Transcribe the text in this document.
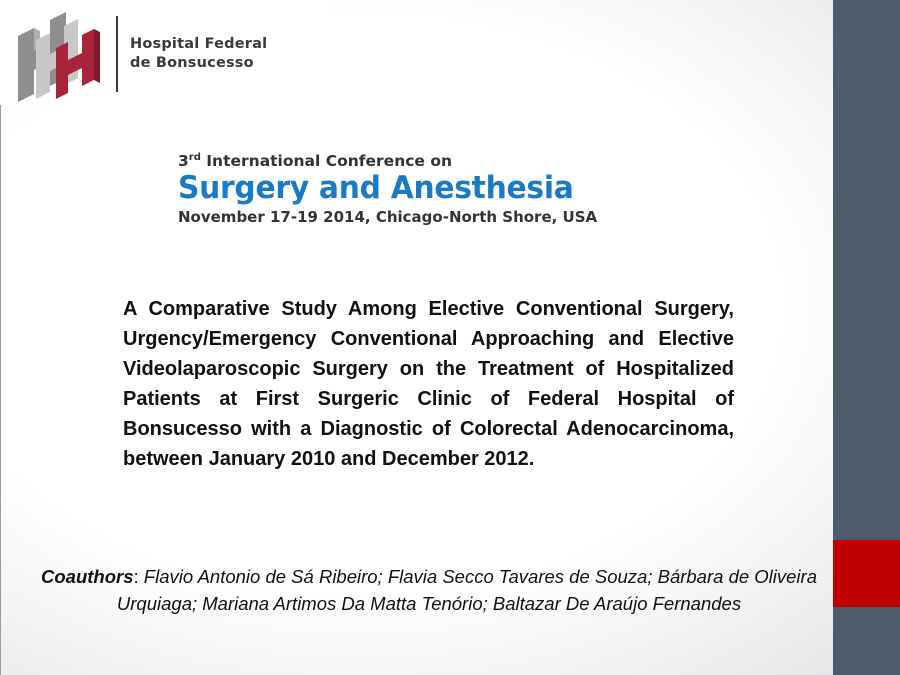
Hospital Federal
de Bonsucesso
3rd International Conference on
Surgery and Anesthesia
November 17-19 2014, Chicago-North Shore, USA

A Comparative Study Among Elective Conventional Surgery, Urgency/Emergency Conventional Approaching and Elective Videolaparoscopic Surgery on the Treatment of Hospitalized Patients at First Surgeric Clinic of Federal Hospital of Bonsucesso with a Diagnostic of Colorectal Adenocarcinoma, between January 2010 and December 2012.

Coauthors: Flavio Antonio de Sá Ribeiro; Flavia Secco Tavares de Souza; Bárbara de Oliveira Urquiaga; Mariana Artimos Da Matta Tenório; Baltazar De Araújo Fernandes
